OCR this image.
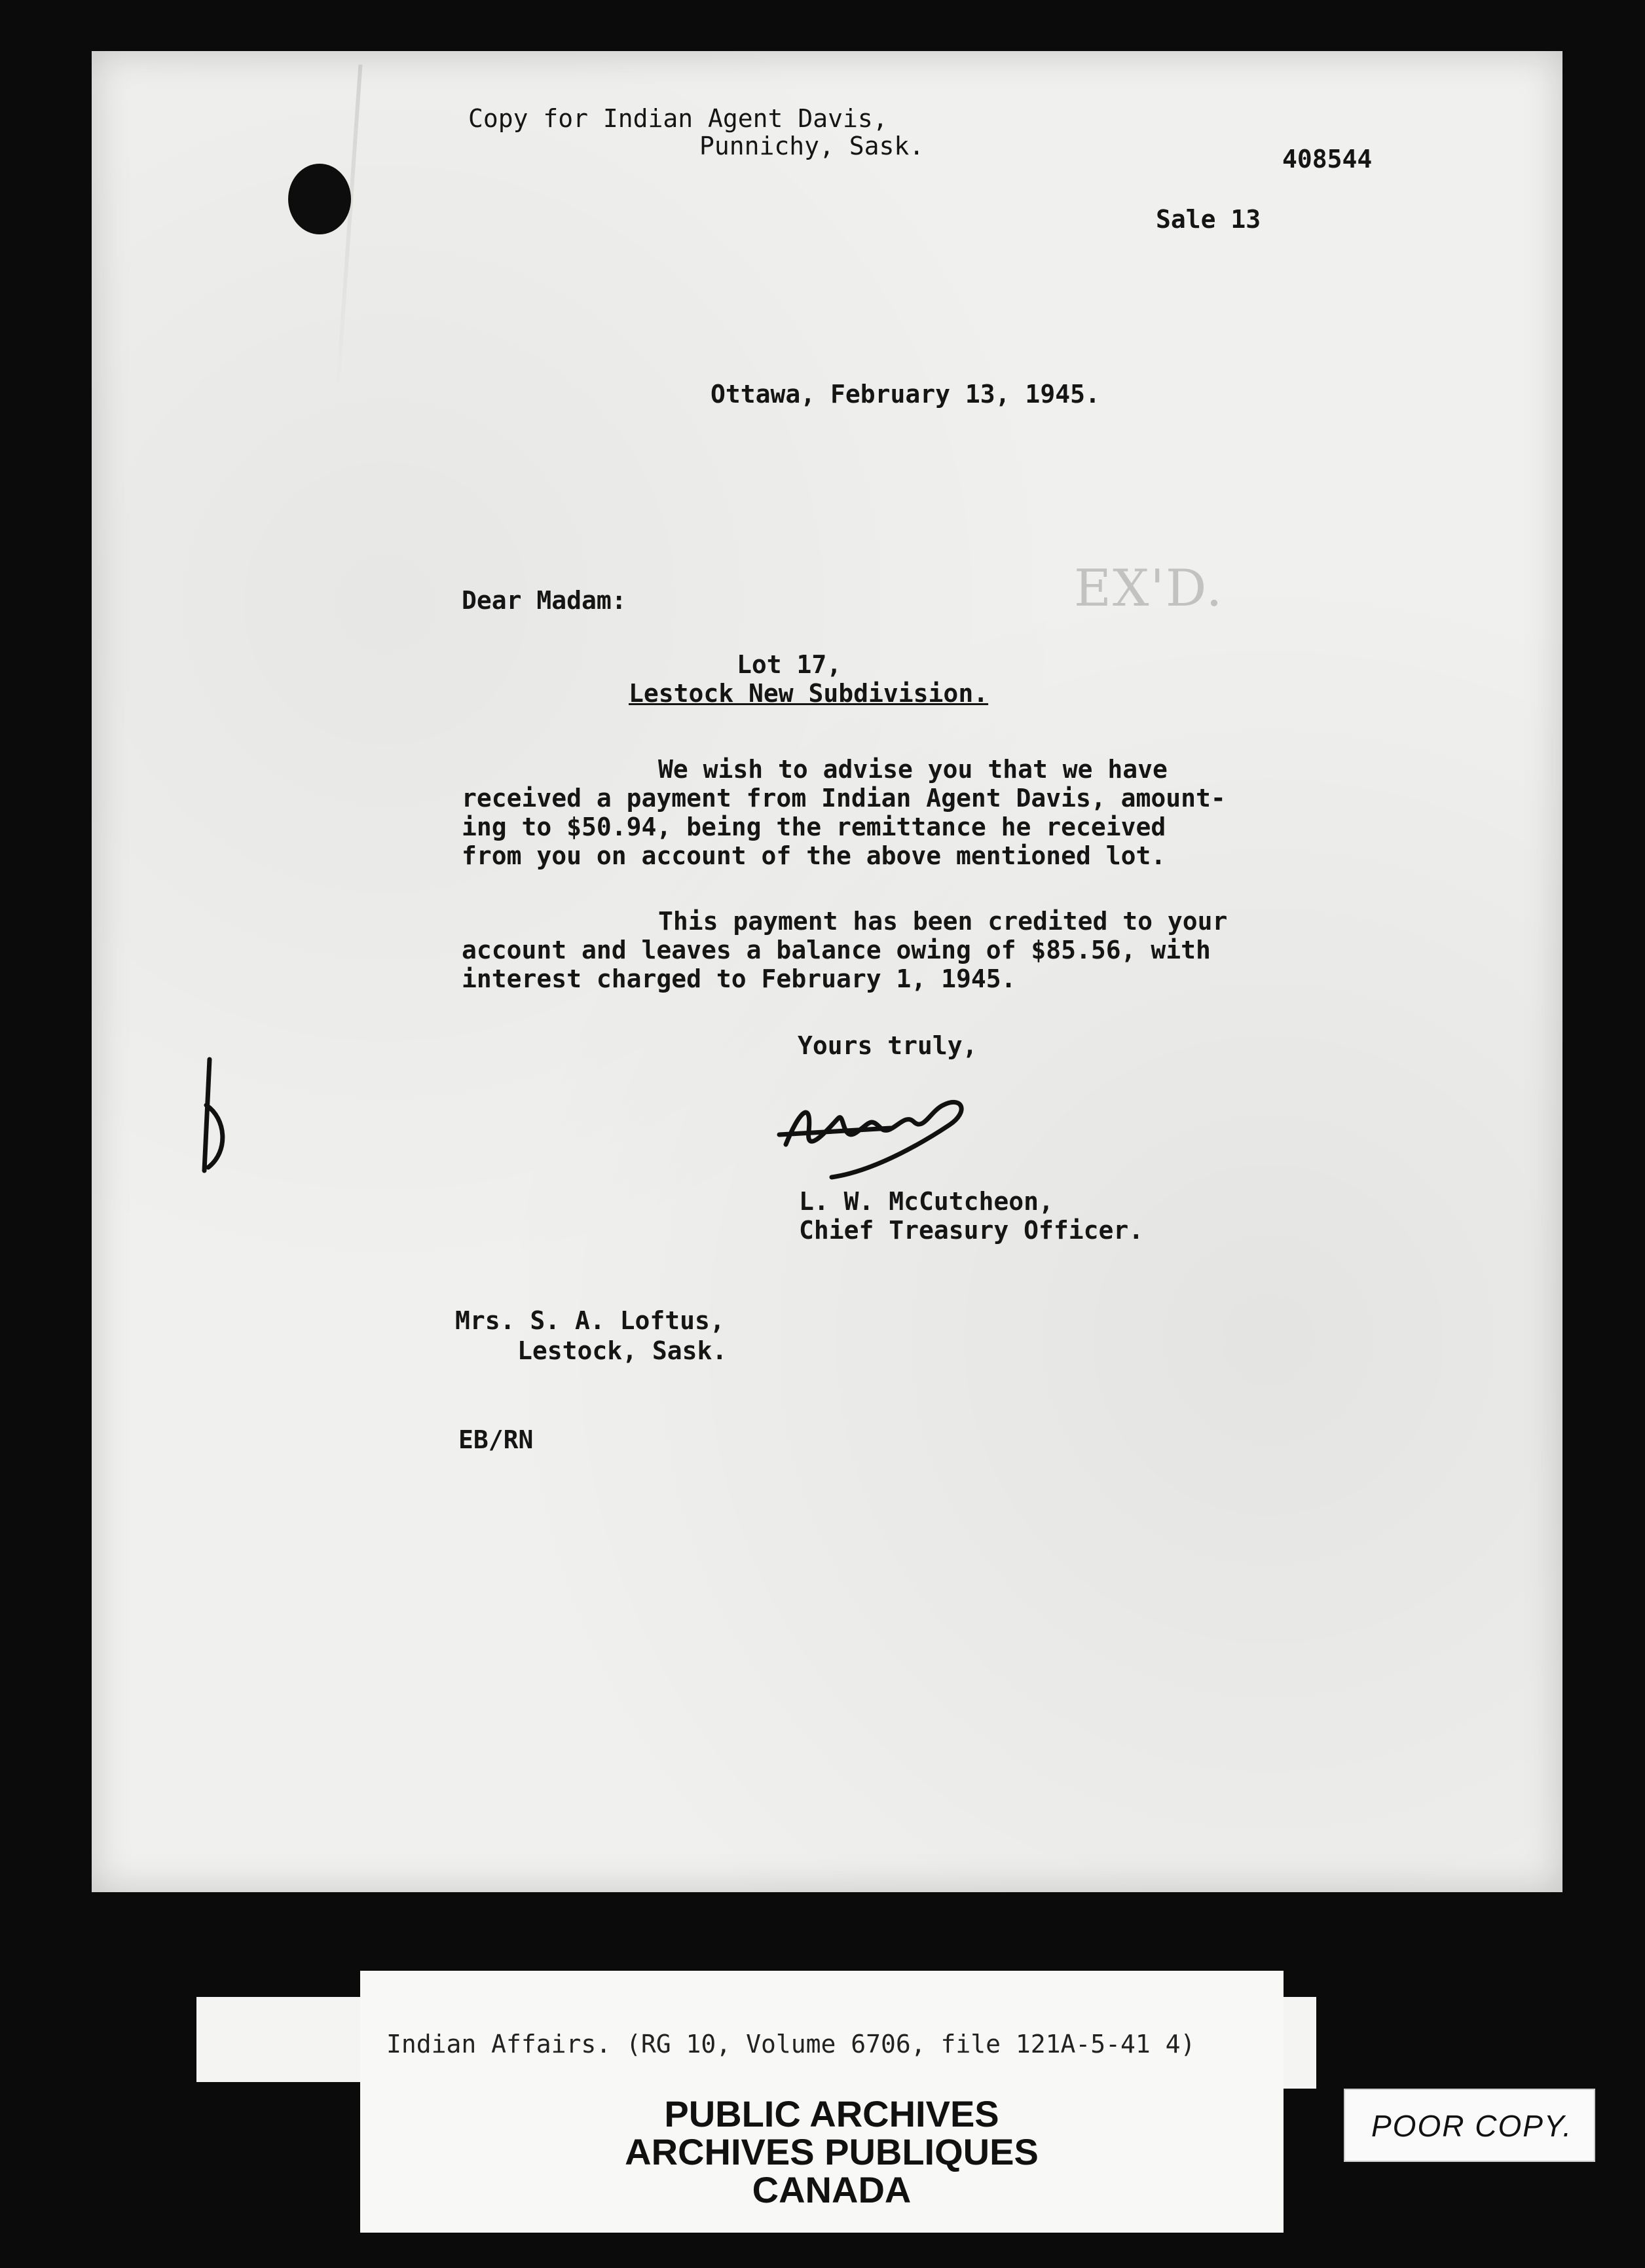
Copy for Indian Agent Davis,
Punnichy, Sask.	408544
Sale 13
Ottawa, February 13, 1945.
EX'D.
Dear Madam:
Lot 17,
Lestock New Subdivision.
We wish to advise you that we have
received a payment from Indian Agent Davis, amount-
ing to $50.94, being the remittance he received
from you on account of the above mentioned lot.
This payment has been credited to your
account and leaves a balance owing of $85.56, with
interest charged to February 1, 1945.
Yours truly,
L. W. McCutcheon,
Chief Treasury Officer.
Mrs. S. A. Loftus,
Lestock, Sask.
EB/RN
Indian Affairs. (RG 10, Volume 6706, file 121A-5-41 4)
PUBLIC ARCHIVES
ARCHIVES PUBLIQUES
CANADA
POOR COPY.
